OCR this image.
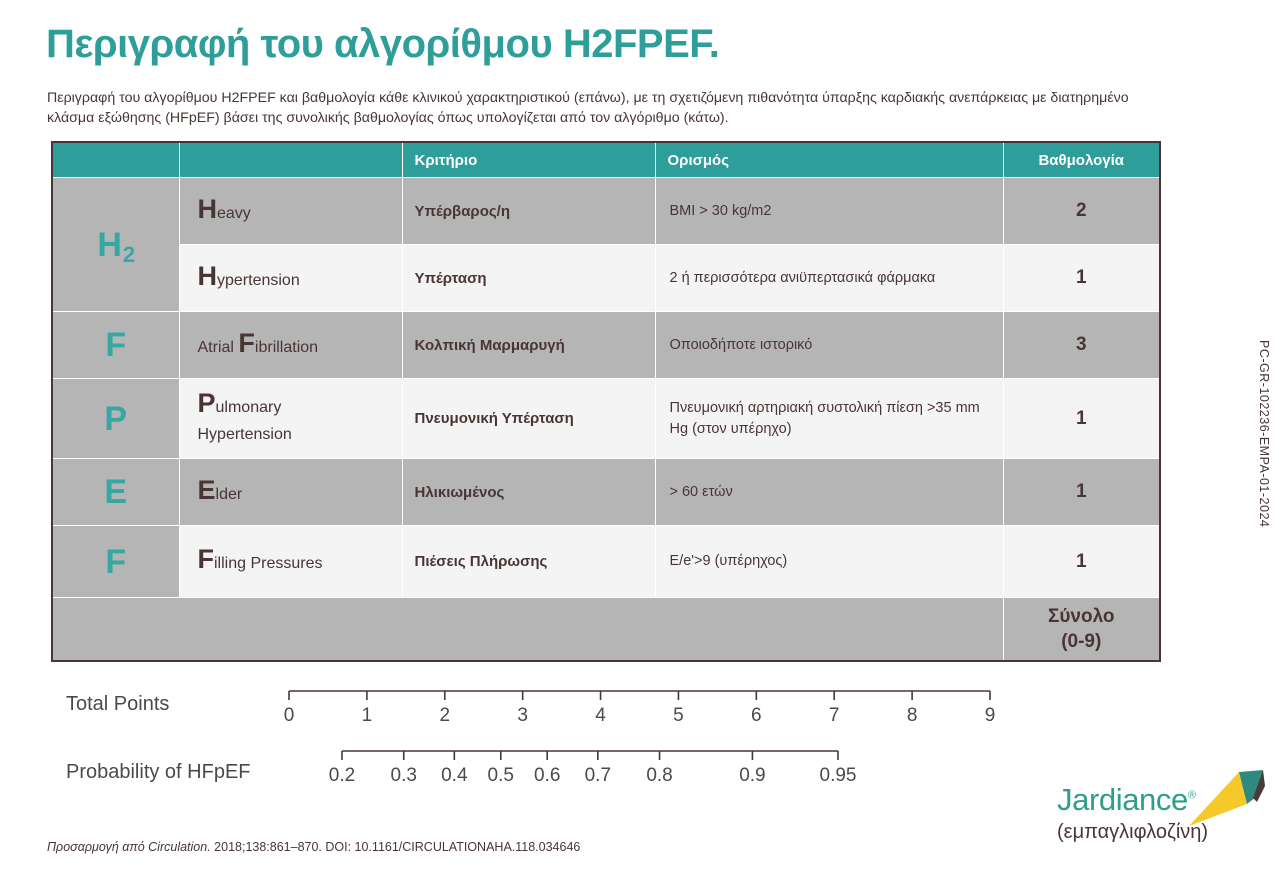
Περιγραφή του αλγορίθμου H2FPEF.
Περιγραφή του αλγορίθμου H2FPEF και βαθμολογία κάθε κλινικού χαρακτηριστικού (επάνω), με τη σχετιζόμενη πιθανότητα ύπαρξης καρδιακής ανεπάρκειας με διατηρημένο κλάσμα εξώθησης (HFpEF) βάσει της συνολικής βαθμολογίας όπως υπολογίζεται από τον αλγόριθμο (κάτω).
		Κριτήριο	Ορισμός	Βαθμολογία
$H_2$	Heavy	Υπέρβαρος/η	BMI > 30 kg/m2	2
	Hypertension	Υπέρταση	2 ή περισσότερα ανιϋπερτασικά φάρμακα	1
F	Atrial Fibrillation	Κολπική Μαρμαρυγή	Οποιοδήποτε ιστορικό	3
P	Pulmonary
Hypertension	Πνευμονική Υπέρταση	Πνευμονική αρτηριακή συστολική πίεση >35 mm Hg (στον υπέρηχο)	1
E	Elder	Ηλικιωμένος	> 60 ετών	1
F	Filling Pressures	Πιέσεις Πλήρωσης	E/e'>9 (υπέρηχος)	1

				Σύνολο
(0-9)
Total Points
Probability of HFpEF
0	1	2	3	4	5	6	7	8	9
0.2 0.3 0.4 0.5 0.6 0.7 0.8	0.9	0.95
Προσαρμογή από Circulation. 2018;138:861–870. DOI: 10.1161/CIRCULATIONAHA.118.034646
PC-GR-102236-EMPA-01-2024
Jardiance®
(εμπαγλιφλοζίνη)
